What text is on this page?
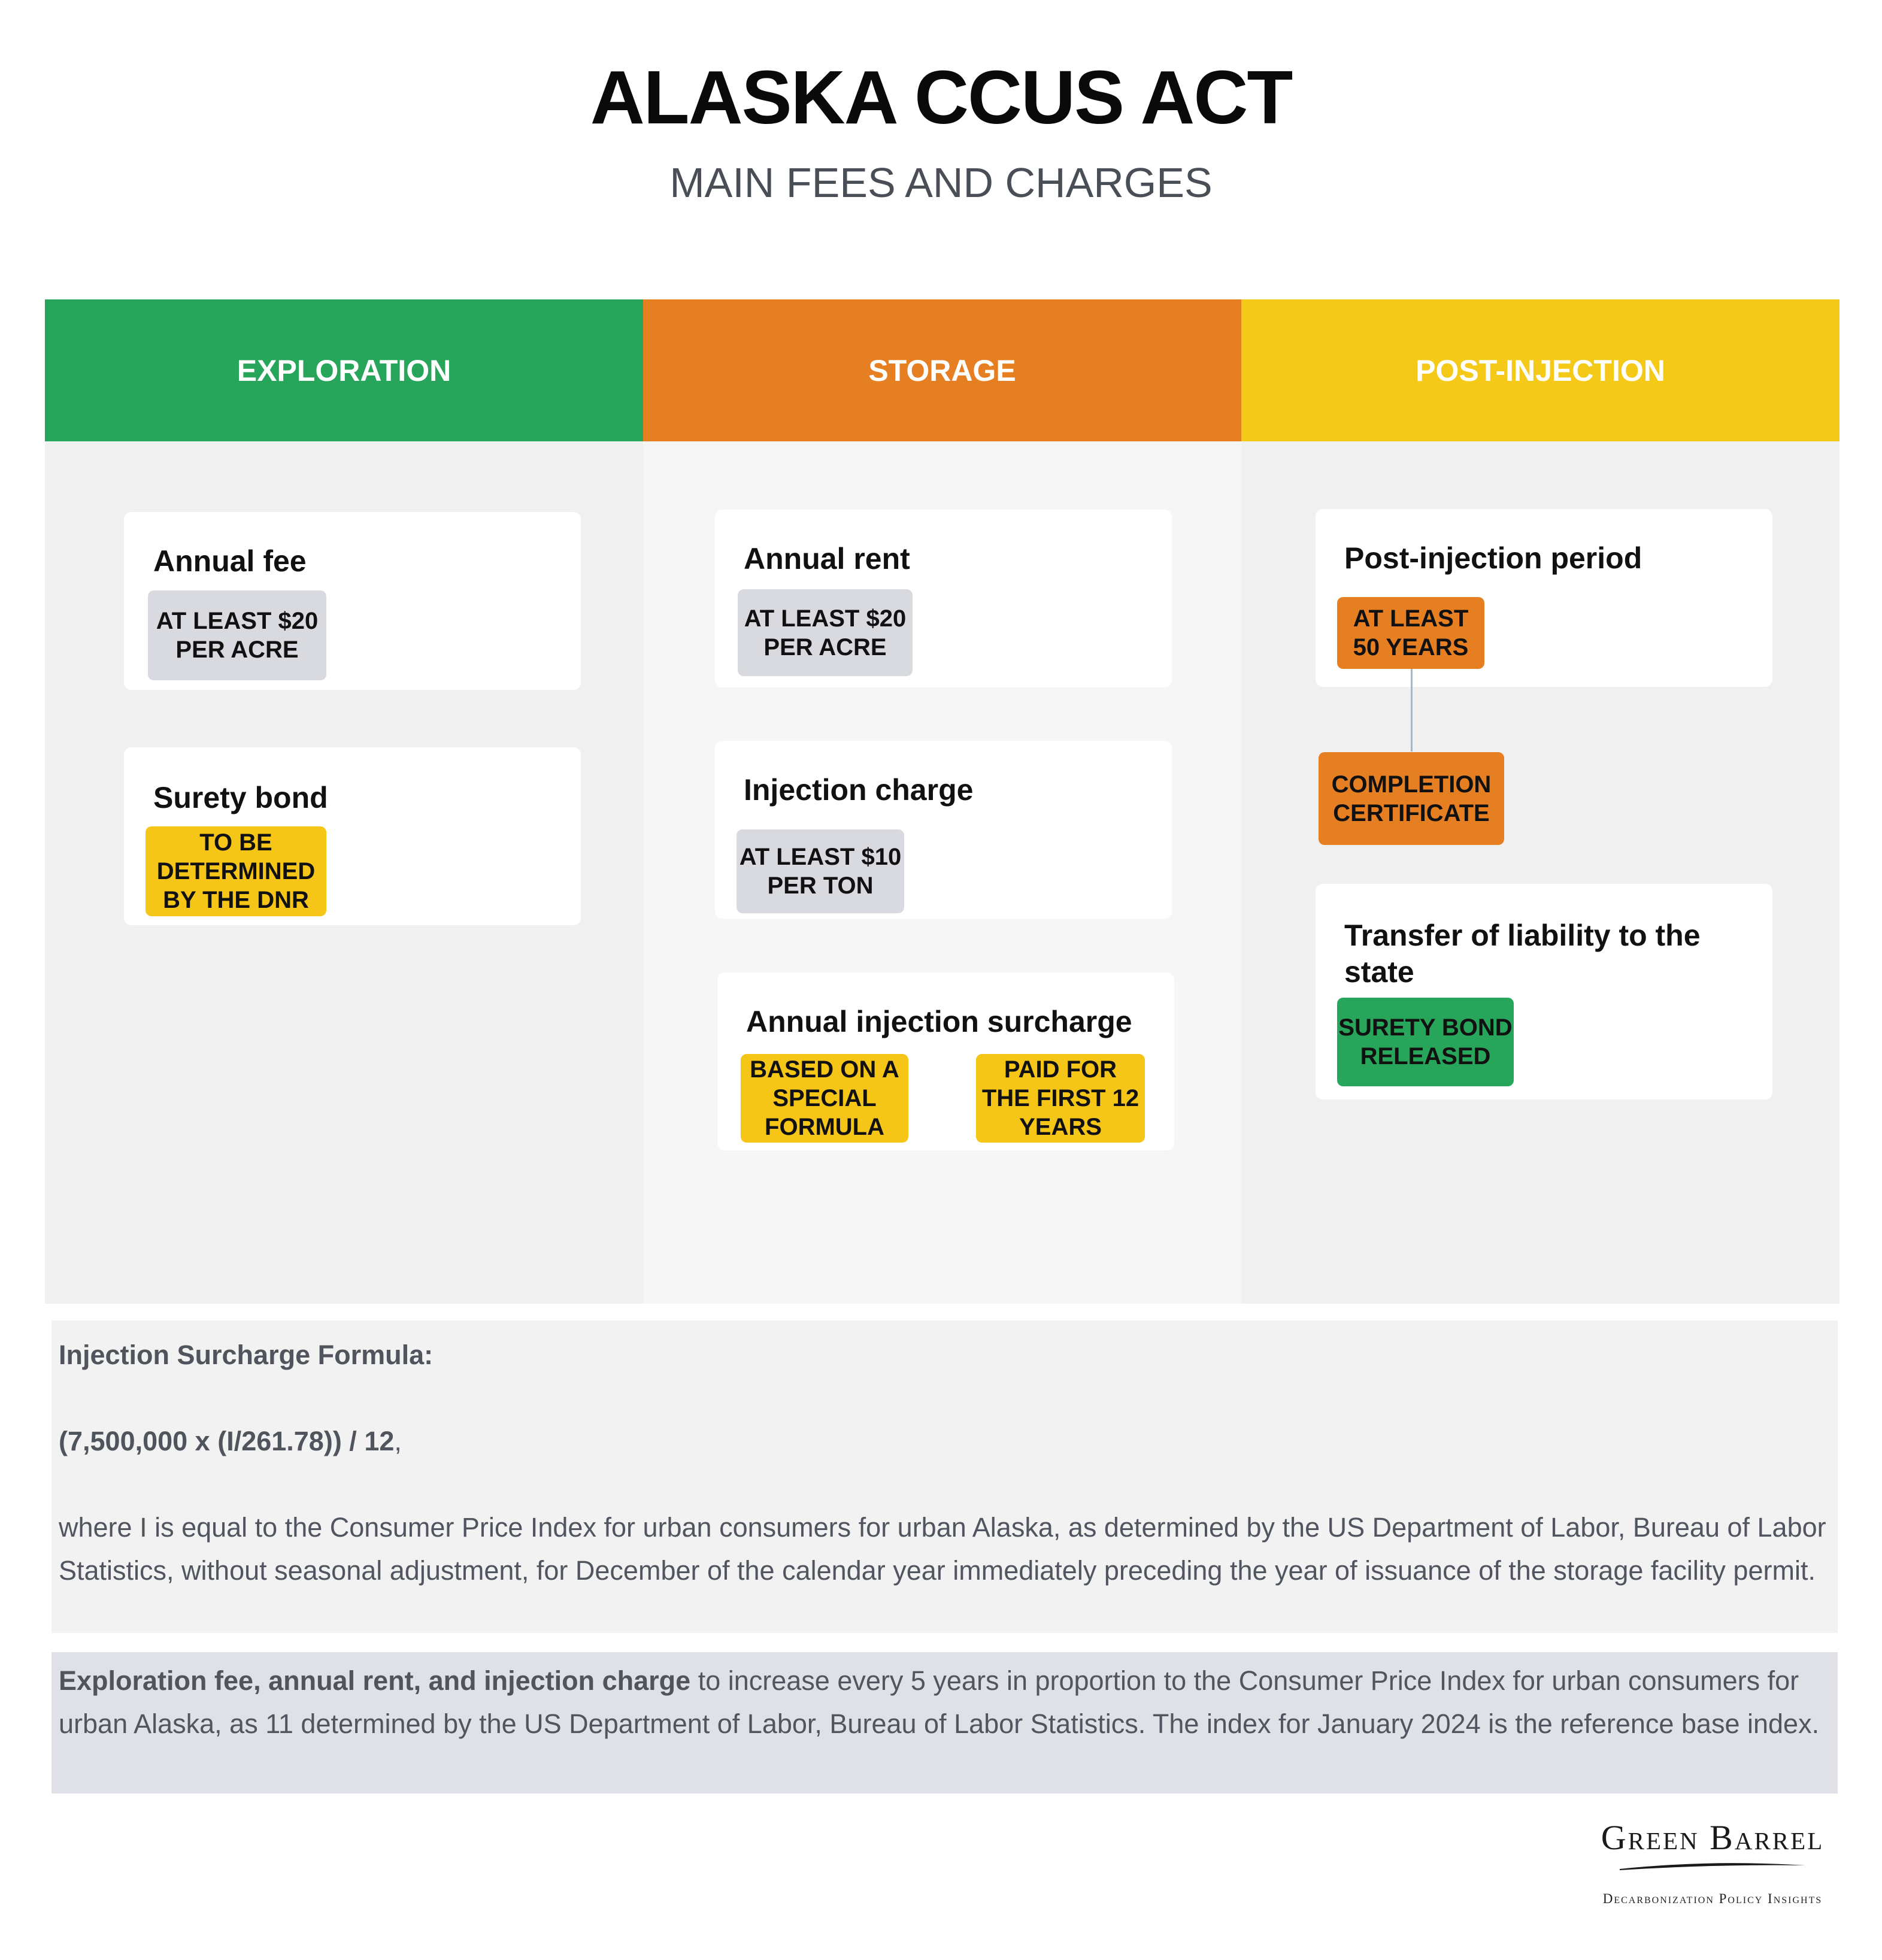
ALASKA CCUS ACT
MAIN FEES AND CHARGES
EXPLORATION	STORAGE	POST-INJECTION
Annual fee
AT LEAST $20
PER ACRE
Surety bond
TO BE
DETERMINED
BY THE DNR
Annual rent
AT LEAST $20
PER ACRE
Injection charge
AT LEAST $10
PER TON
Annual injection surcharge
BASED ON A
SPECIAL
FORMULA
PAID FOR
THE FIRST 12
YEARS
Post-injection period
AT LEAST
50 YEARS
COMPLETION
CERTIFICATE
Transfer of liability to the state
SURETY BOND
RELEASED
Injection Surcharge Formula:
(7,500,000 x (I/261.78)) / 12,
where I is equal to the Consumer Price Index for urban consumers for urban Alaska, as determined by the US Department of Labor, Bureau of Labor Statistics, without seasonal adjustment, for December of the calendar year immediately preceding the year of issuance of the storage facility permit.
Exploration fee, annual rent, and injection charge to increase every 5 years in proportion to the Consumer Price Index for urban consumers for urban Alaska, as 11 determined by the US Department of Labor, Bureau of Labor Statistics. The index for January 2024 is the reference base index.
Green Barrel
Decarbonization Policy Insights
